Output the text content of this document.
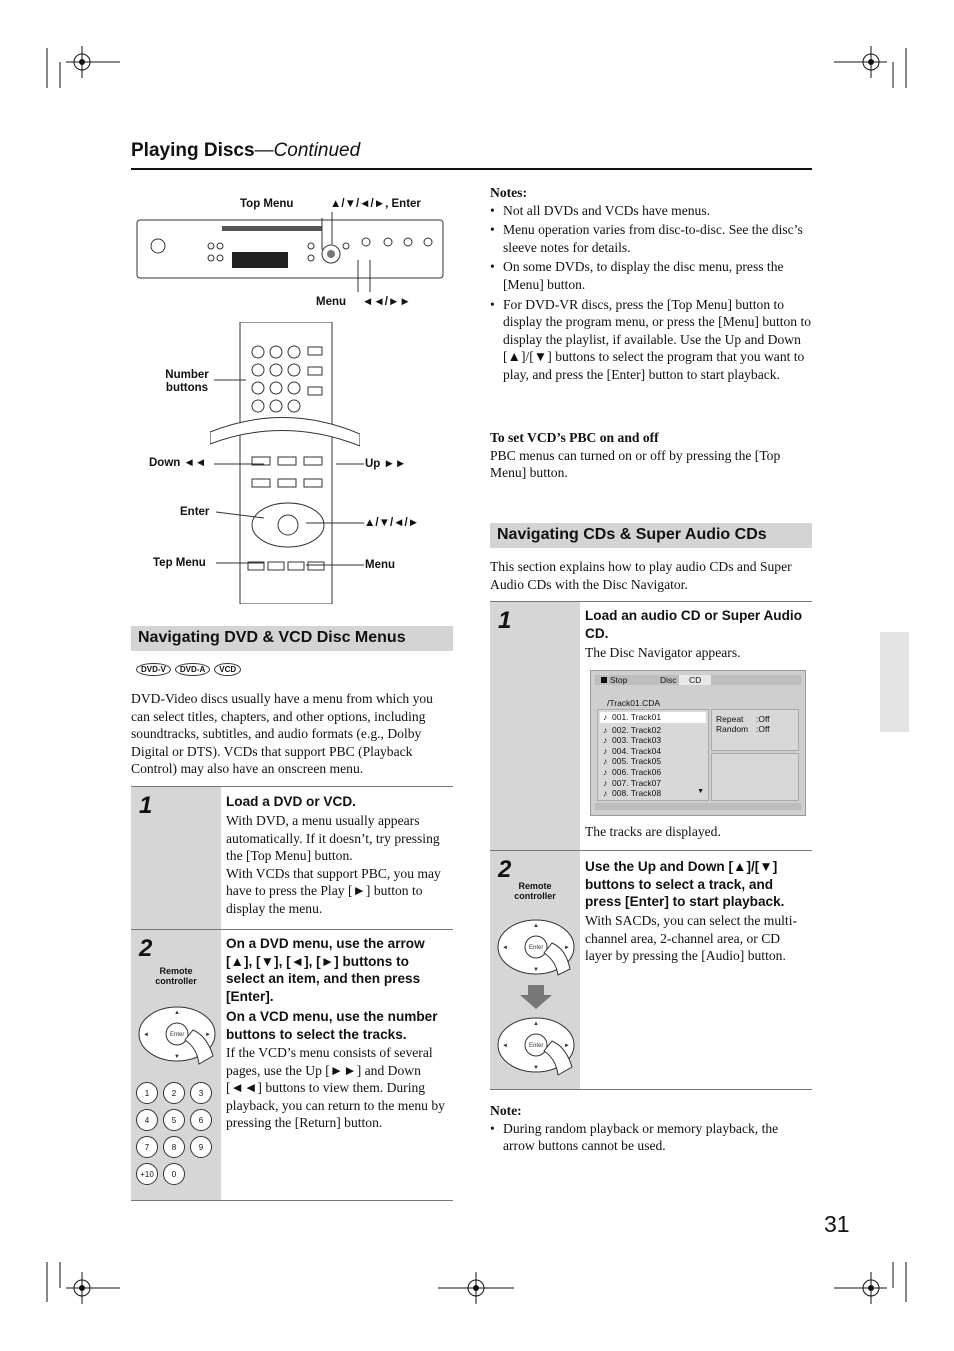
Playing Discs—Continued
Top Menu	▲/▼/◄/►, Enter
Menu ◄◄/►►
Number buttons
Down ◄◄	Up ►►
Enter
▲/▼/◄/►
Tep Menu	Menu
Notes:
• Not all DVDs and VCDs have menus.
• Menu operation varies from disc-to-disc. See the disc’s sleeve notes for details.
• On some DVDs, to display the disc menu, press the [Menu] button.
• For DVD-VR discs, press the [Top Menu] button to display the program menu, or press the [Menu] button to display the playlist, if available. Use the Up and Down [▲]/[▼] buttons to select the program that you want to play, and press the [Enter] button to start playback.
To set VCD’s PBC on and off
PBC menus can turned on or off by pressing the [Top Menu] button.
Navigating CDs & Super Audio CDs
This section explains how to play audio CDs and Super Audio CDs with the Disc Navigator.
1	Load an audio CD or Super Audio CD.
The Disc Navigator appears.
Stop	Disc	CD
/Track01.CDA
♪ 001. Track01
♪ 002. Track02
♪ 003. Track03
♪ 004. Track04
♪ 005. Track05
♪ 006. Track06
♪ 007. Track07
♪ 008. Track08	▼
Repeat :Off
Random :Off
The tracks are displayed.
2
Remote controller
Enter
Enter
◄	►
▲
▼
◄	►
▲
▼
Use the Up and Down [▲]/[▼] buttons to select a track, and press [Enter] to start playback.
With SACDs, you can select the multi-channel area, 2-channel area, or CD layer by pressing the [Audio] button.
Note:
• During random playback or memory playback, the arrow buttons cannot be used.
Navigating DVD & VCD Disc Menus
DVD-V DVD-A VCD
DVD-Video discs usually have a menu from which you can select titles, chapters, and other options, including soundtracks, subtitles, and audio formats (e.g., Dolby Digital or DTS). VCDs that support PBC (Playback Control) may also have an onscreen menu.
1	Load a DVD or VCD.
With DVD, a menu usually appears automatically. If it doesn’t, try pressing the [Top Menu] button.
With VCDs that support PBC, you may have to press the Play [►] button to display the menu.
2
Remote controller
Enter
◄	►
▲
▼
1	2	3
4	5	6
7	8	9
+10	0
On a DVD menu, use the arrow [▲], [▼], [◄], [►] buttons to select an item, and then press [Enter].
On a VCD menu, use the number buttons to select the tracks.
If the VCD’s menu consists of several pages, use the Up [►►] and Down [◄◄] buttons to view them. During playback, you can return to the menu by pressing the [Return] button.
31
